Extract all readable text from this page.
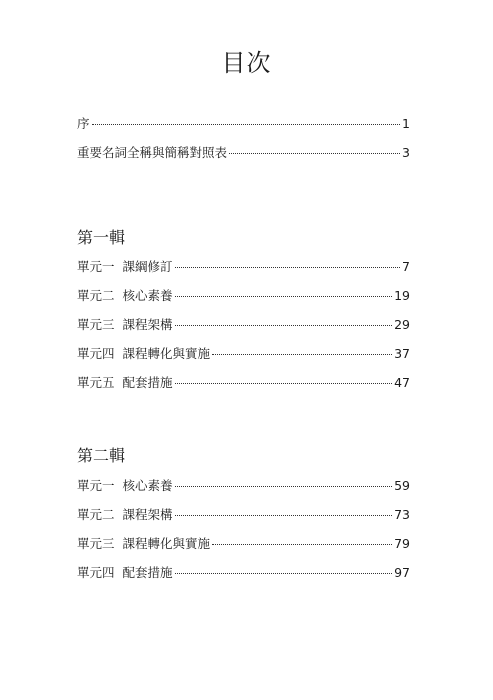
目次
序	1
重要名詞全稱與簡稱對照表	3
第一輯
單元一 課綱修訂	7
單元二 核心素養	19
單元三 課程架構	29
單元四 課程轉化與實施	37
單元五 配套措施	47
第二輯
單元一 核心素養	59
單元二 課程架構	73
單元三 課程轉化與實施	79
單元四 配套措施	97
